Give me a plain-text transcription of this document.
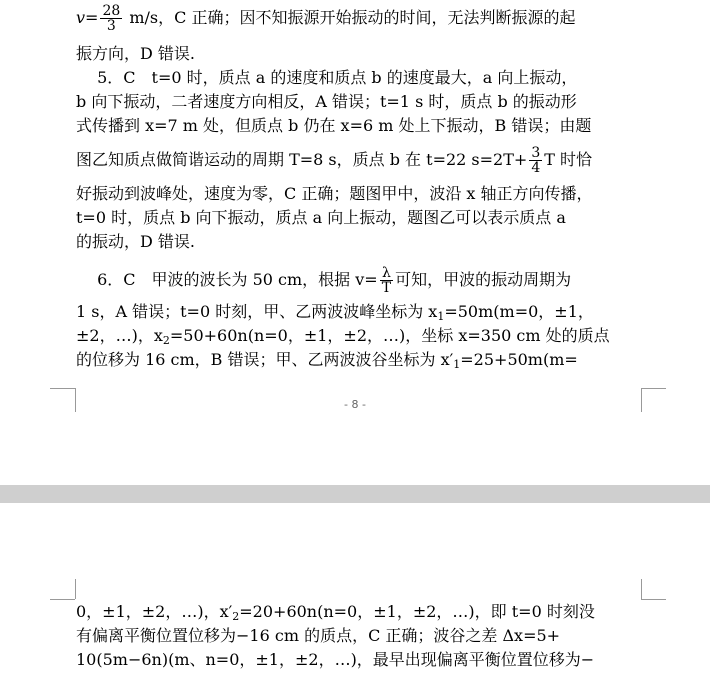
$v= \frac{28}{3} m/s$，C 正确；因不知振源开始振动的时间，无法判断振源的起
振方向，D 错误.
　 5．C　t=0 时，质点 a 的速度和质点 b 的速度最大，a 向上振动，
b 向下振动，二者速度方向相反，A 错误；t=1 s 时，质点 b 的振动形
式传播到 x=7 m 处，但质点 b 仍在 x=6 m 处上下振动，B 错误；由题
图乙知质点做简谐运动的周期 T=8 s，质点 b 在 t=22 $s=2T+ \frac{3}{4}$ T 时恰
好振动到波峰处，速度为零，C 正确；题图甲中，波沿 x 轴正方向传播，
t=0 时，质点 b 向下振动，质点 a 向上振动，题图乙可以表示质点 a
的振动，D 错误.
　 6．C　甲波的波长为 50 cm，根据 $v= \frac{\lambda}{T}$ 可知，甲波的振动周期为
1 s，A 错误；t=0 时刻，甲、乙两波波峰坐标为 $x_1=50m(m=0$，±1，
±2，…)，$x_2=50+60n(n=0$，±1，±2，…)，坐标 x=350 cm 处的质点
的位移为 16 cm，B 错误；甲、乙两波波谷坐标为 $x'_1=25+50m(m=$
- 8 -
0，±1，±2，…)，$x'_2=20+60n(n=0$，±1，±2，…)，即 t=0 时刻没
有偏离平衡位置位移为−16 cm 的质点，C 正确；波谷之差 Δx=5+
10(5m−6n)(m、n=0，±1，±2，…)，最早出现偏离平衡位置位移为−
